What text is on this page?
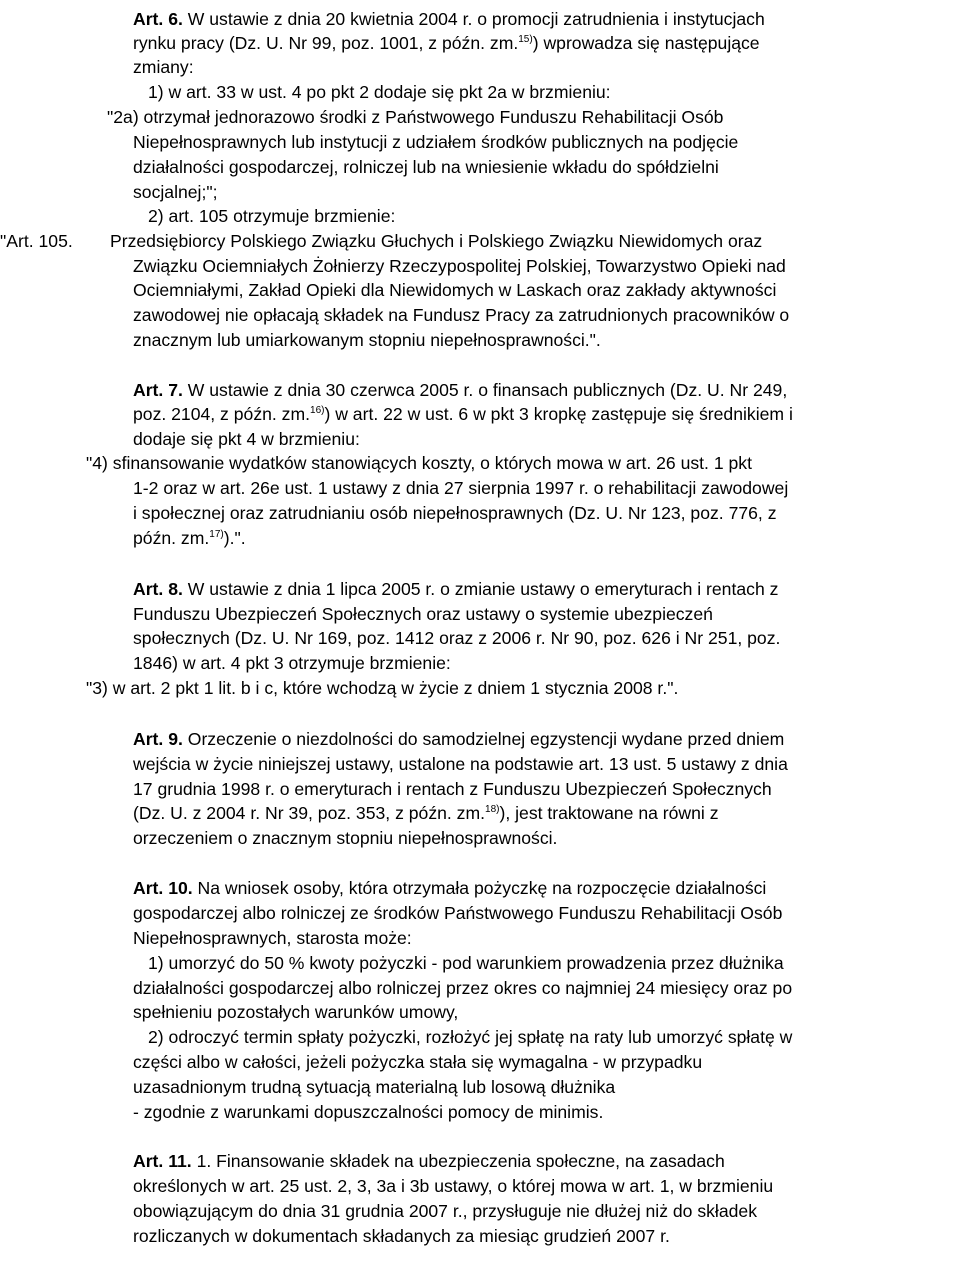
Art. 6. W ustawie z dnia 20 kwietnia 2004 r. o promocji zatrudnienia i instytucjach
rynku pracy (Dz. U. Nr 99, poz. 1001, z późn. zm.$^{15)}$) wprowadza się następujące
zmiany:
1) w art. 33 w ust. 4 po pkt 2 dodaje się pkt 2a w brzmieniu:
"2a) otrzymał jednorazowo środki z Państwowego Funduszu Rehabilitacji Osób
Niepełnosprawnych lub instytucji z udziałem środków publicznych na podjęcie
działalności gospodarczej, rolniczej lub na wniesienie wkładu do spółdzielni
socjalnej;";
2) art. 105 otrzymuje brzmienie:
"Art. 105. Przedsiębiorcy Polskiego Związku Głuchych i Polskiego Związku Niewidomych oraz
Związku Ociemniałych Żołnierzy Rzeczypospolitej Polskiej, Towarzystwo Opieki nad
Ociemniałymi, Zakład Opieki dla Niewidomych w Laskach oraz zakłady aktywności
zawodowej nie opłacają składek na Fundusz Pracy za zatrudnionych pracowników o
znacznym lub umiarkowanym stopniu niepełnosprawności.".
Art. 7. W ustawie z dnia 30 czerwca 2005 r. o finansach publicznych (Dz. U. Nr 249,
poz. 2104, z późn. zm.$^{16)}$) w art. 22 w ust. 6 w pkt 3 kropkę zastępuje się średnikiem i
dodaje się pkt 4 w brzmieniu:
"4) sfinansowanie wydatków stanowiących koszty, o których mowa w art. 26 ust. 1 pkt
1-2 oraz w art. 26e ust. 1 ustawy z dnia 27 sierpnia 1997 r. o rehabilitacji zawodowej
i społecznej oraz zatrudnianiu osób niepełnosprawnych (Dz. U. Nr 123, poz. 776, z
późn. zm.$^{17)}$).".
Art. 8. W ustawie z dnia 1 lipca 2005 r. o zmianie ustawy o emeryturach i rentach z
Funduszu Ubezpieczeń Społecznych oraz ustawy o systemie ubezpieczeń
społecznych (Dz. U. Nr 169, poz. 1412 oraz z 2006 r. Nr 90, poz. 626 i Nr 251, poz.
1846) w art. 4 pkt 3 otrzymuje brzmienie:
"3) w art. 2 pkt 1 lit. b i c, które wchodzą w życie z dniem 1 stycznia 2008 r.".
Art. 9. Orzeczenie o niezdolności do samodzielnej egzystencji wydane przed dniem
wejścia w życie niniejszej ustawy, ustalone na podstawie art. 13 ust. 5 ustawy z dnia
17 grudnia 1998 r. o emeryturach i rentach z Funduszu Ubezpieczeń Społecznych
(Dz. U. z 2004 r. Nr 39, poz. 353, z późn. zm.$^{18)}$), jest traktowane na równi z
orzeczeniem o znacznym stopniu niepełnosprawności.
Art. 10. Na wniosek osoby, która otrzymała pożyczkę na rozpoczęcie działalności
gospodarczej albo rolniczej ze środków Państwowego Funduszu Rehabilitacji Osób
Niepełnosprawnych, starosta może:
1) umorzyć do 50 % kwoty pożyczki - pod warunkiem prowadzenia przez dłużnika
działalności gospodarczej albo rolniczej przez okres co najmniej 24 miesięcy oraz po
spełnieniu pozostałych warunków umowy,
2) odroczyć termin spłaty pożyczki, rozłożyć jej spłatę na raty lub umorzyć spłatę w
części albo w całości, jeżeli pożyczka stała się wymagalna - w przypadku
uzasadnionym trudną sytuacją materialną lub losową dłużnika
- zgodnie z warunkami dopuszczalności pomocy de minimis.
Art. 11. 1. Finansowanie składek na ubezpieczenia społeczne, na zasadach
określonych w art. 25 ust. 2, 3, 3a i 3b ustawy, o której mowa w art. 1, w brzmieniu
obowiązującym do dnia 31 grudnia 2007 r., przysługuje nie dłużej niż do składek
rozliczanych w dokumentach składanych za miesiąc grudzień 2007 r.
